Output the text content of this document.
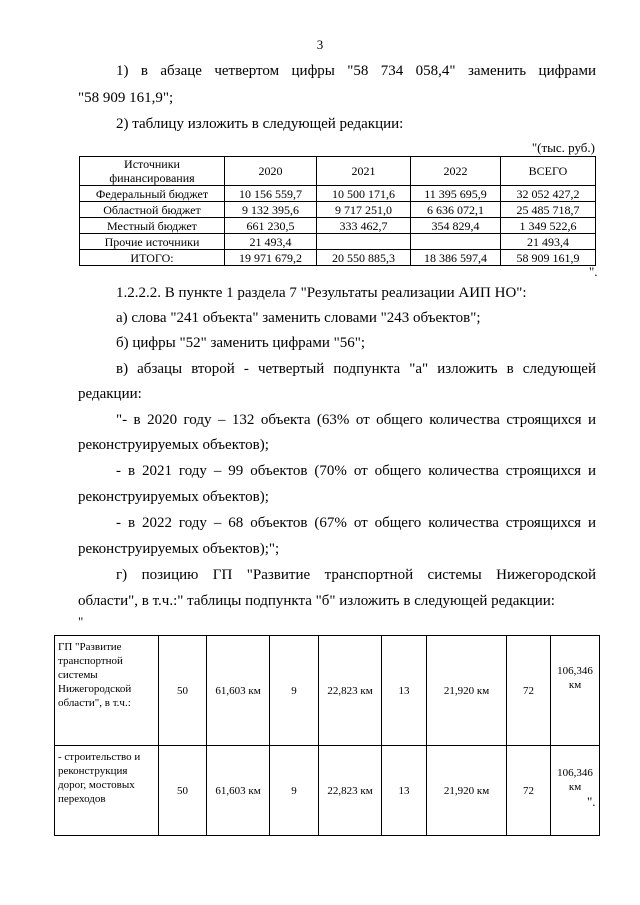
3
1) в абзаце четвертом цифры "58 734 058,4" заменить цифрами
"58 909 161,9";
2) таблицу изложить в следующей редакции:
"(тыс. руб.)
Источники финансирования	2020	2021	2022	ВСЕГО
Федеральный бюджет	10 156 559,7	10 500 171,6	11 395 695,9	32 052 427,2
Областной бюджет	9 132 395,6	9 717 251,0	6 636 072,1	25 485 718,7
Местный бюджет	661 230,5	333 462,7	354 829,4	1 349 522,6
Прочие источники	21 493,4			21 493,4
ИТОГО:	19 971 679,2	20 550 885,3	18 386 597,4	58 909 161,9
".
1.2.2.2. В пункте 1 раздела 7 "Результаты реализации АИП НО":
а) слова "241 объекта" заменить словами "243 объектов";
б) цифры "52" заменить цифрами "56";
в) абзацы второй - четвертый подпункта "а" изложить в следующей
редакции:
"- в 2020 году – 132 объекта (63% от общего количества строящихся и
реконструируемых объектов);
- в 2021 году – 99 объектов (70% от общего количества строящихся и
реконструируемых объектов);
- в 2022 году – 68 объектов (67% от общего количества строящихся и
реконструируемых объектов);";
г) позицию ГП "Развитие транспортной системы Нижегородской
области", в т.ч.:" таблицы подпункта "б" изложить в следующей редакции:
"
ГП "Развитие транспортной системы Нижегородской области", в т.ч.:	50	61,603 км	9	22,823 км	13	21,920 км	72	106,346 км
- строительство и реконструкция дорог, мостовых переходов	50	61,603 км	9	22,823 км	13	21,920 км	72	106,346 км
".
